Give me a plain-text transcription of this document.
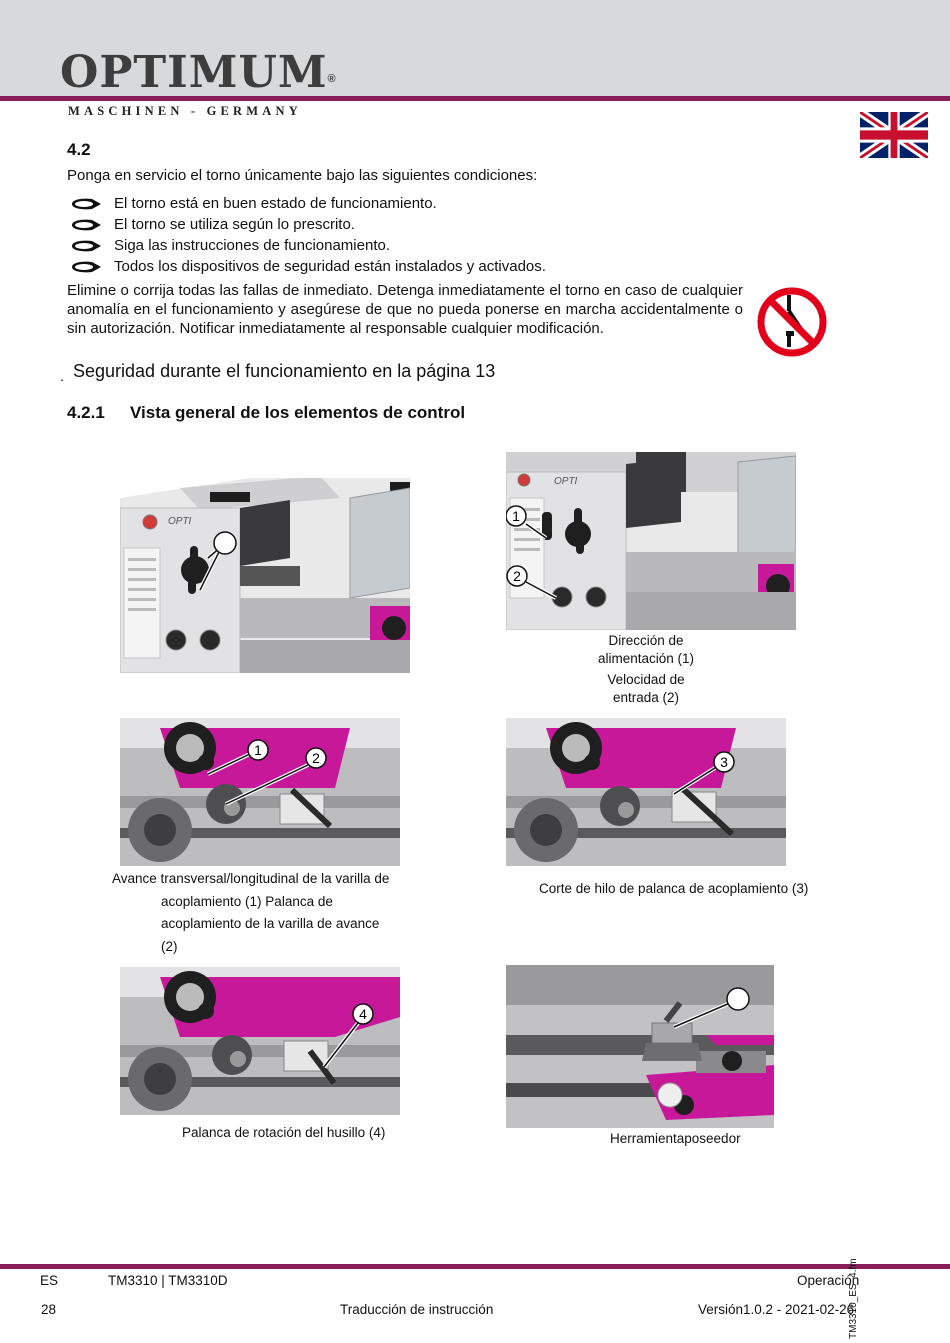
OPTIMUM®
MASCHINEN - GERMANY
4.2
Ponga en servicio el torno únicamente bajo las siguientes condiciones:
El torno está en buen estado de funcionamiento.
El torno se utiliza según lo prescrito.
Siga las instrucciones de funcionamiento.
Todos los dispositivos de seguridad están instalados y activados.
Elimine o corrija todas las fallas de inmediato. Detenga inmediatamente el torno en caso de cualquier anomalía en el funcionamiento y asegúrese de que no pueda ponerse en marcha accidentalmente o sin autorización. Notificar inmediatamente al responsable cualquier modificación.
. Seguridad durante el funcionamiento en la página 13
4.2.1 Vista general de los elementos de control
OPTI
OPTI
1
2
Dirección de
alimentación (1)
Velocidad de
entrada (2)
1	2
Avance transversal/longitudinal de la varilla de
acoplamiento (1) Palanca de
acoplamiento de la varilla de avance
(2)
3
Corte de hilo de palanca de acoplamiento (3)
4
Palanca de rotación del husillo (4)	Herramientaposeedor
ES	TM3310 | TM3310D	Operación
28	Traducción de instrucción	Versión1.0.2 - 2021-02-26
TM3310_ES_4.fm
